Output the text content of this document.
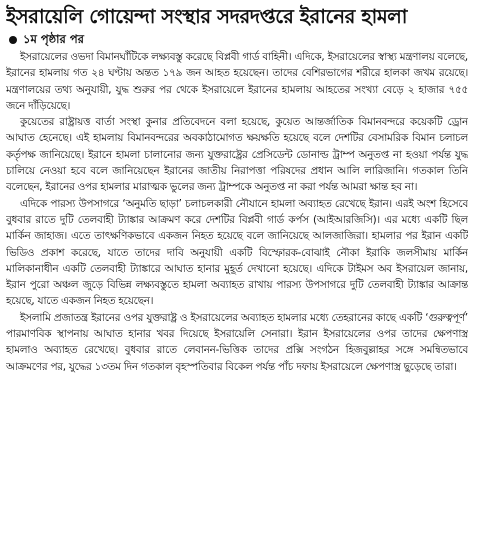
ইসরায়েলি গোয়েন্দা সংস্থার সদরদপ্তরে ইরানের হামলা
১ম পৃষ্ঠার পর

ইসরায়েলের ওভদা বিমানঘাঁটিকে লক্ষ্যবস্তু করেছে বিপ্লবী গার্ড বাহিনী। এদিকে, ইসরায়েলের স্বাস্থ্য মন্ত্রণালয় বলেছে, ইরানের হামলায় গত ২৪ ঘণ্টায় অন্তত ১৭৯ জন আহত হয়েছেন। তাদের বেশিরভাগের শরীরে হালকা জখম রয়েছে। মন্ত্রণালয়ের তথ্য অনুযায়ী, যুদ্ধ শুরুর পর থেকে ইসরায়েলে ইরানের হামলায় আহতের সংখ্যা বেড়ে ২ হাজার ৭৫৫ জনে দাঁড়িয়েছে।

কুয়েতের রাষ্ট্রায়ত্ত বার্তা সংস্থা কুনার প্রতিবেদনে বলা হয়েছে, কুয়েত আন্তর্জাতিক বিমানবন্দরে কয়েকটি ড্রোন আঘাত হেনেছে। এই হামলায় বিমানবন্দরের অবকাঠামোগত ক্ষয়ক্ষতি হয়েছে বলে দেশটির বেসামরিক বিমান চলাচল কর্তৃপক্ষ জানিয়েছে। ইরানে হামলা চালানোর জন্য যুক্তরাষ্ট্রের প্রেসিডেন্ট ডোনাল্ড ট্রাম্প অনুতপ্ত না হওয়া পর্যন্ত যুদ্ধ চালিয়ে নেওয়া হবে বলে জানিয়েছেন ইরানের জাতীয় নিরাপত্তা পরিষদের প্রধান আলি লারিজানি। গতকাল তিনি বলেছেন, ইরানের ওপর হামলার মারাত্মক ভুলের জন্য ট্রাম্পকে অনুতপ্ত না করা পর্যন্ত আমরা ক্ষান্ত হব না।

এদিকে পারস্য উপসাগরে ‘অনুমতি ছাড়া’ চলাচলকারী নৌযানে হামলা অব্যাহত রেখেছে ইরান। এরই অংশ হিসেবে বুধবার রাতে দুটি তেলবাহী ট্যাঙ্কার আক্রমণ করে দেশটির বিপ্লবী গার্ড কর্পস (আইআরজিসি)। এর মধ্যে একটি ছিল মার্কিন জাহাজ। এতে তাৎক্ষণিকভাবে একজন নিহত হয়েছে বলে জানিয়েছে আলজাজিরা। হামলার পর ইরান একটি ভিডিও প্রকাশ করেছে, যাতে তাদের দাবি অনুযায়ী একটি বিস্ফোরক-বোঝাই নৌকা ইরাকি জলসীমায় মার্কিন মালিকানাধীন একটি তেলবাহী ট্যাঙ্কারে আঘাত হানার মুহূর্ত দেখানো হয়েছে। এদিকে টাইমস অব ইসরায়েল জানায়, ইরান পুরো অঞ্চল জুড়ে বিভিন্ন লক্ষ্যবস্তুতে হামলা অব্যাহত রাখায় পারস্য উপসাগরে দুটি তেলবাহী ট্যাঙ্কার আক্রান্ত হয়েছে, যাতে একজন নিহত হয়েছেন।

ইসলামি প্রজাতন্ত্র ইরানের ওপর যুক্তরাষ্ট্র ও ইসরায়েলের অব্যাহত হামলার মধ্যে তেহরানের কাছে একটি ‘গুরুত্বপূর্ণ’ পারমাণবিক স্থাপনায় আঘাত হানার খবর দিয়েছে ইসরায়েলি সেনারা। ইরান ইসরায়েলের ওপর তাদের ক্ষেপণাস্ত্র হামলাও অব্যাহত রেখেছে। বুধবার রাতে লেবানন-ভিত্তিক তাদের প্রক্সি সংগঠন হিজবুল্লাহর সঙ্গে সমন্বিতভাবে আক্রমণের পর, যুদ্ধের ১৩তম দিন গতকাল বৃহস্পতিবার বিকেল পর্যন্ত পাঁচ দফায় ইসরায়েলে ক্ষেপণাস্ত্র ছুড়েছে তারা।
